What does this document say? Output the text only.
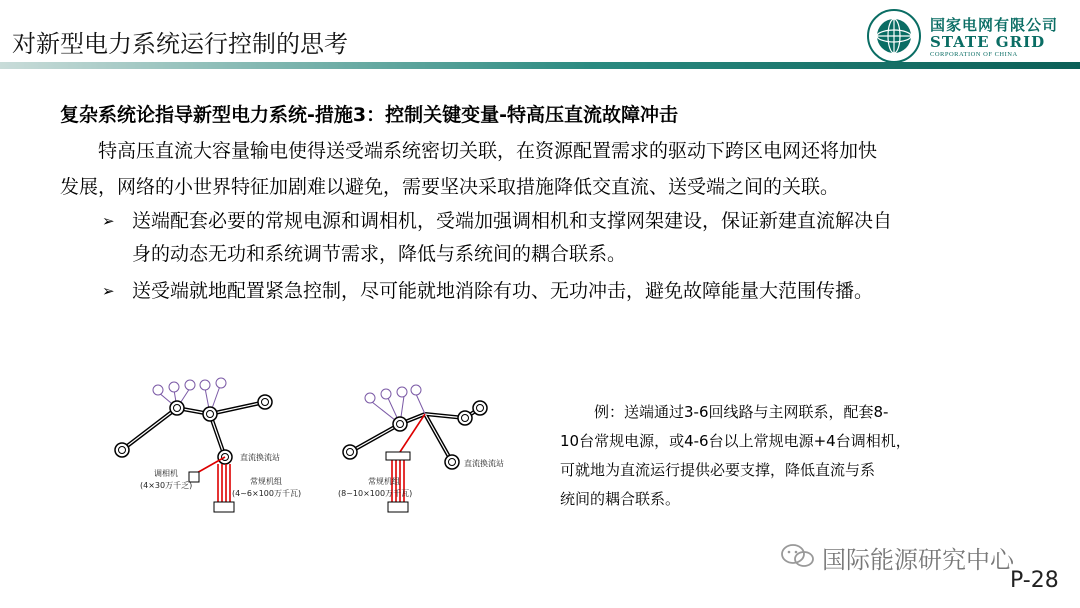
对新型电力系统运行控制的思考
国家电网有限公司
STATE GRID
CORPORATION OF CHINA
复杂系统论指导新型电力系统-措施3：控制关键变量-特高压直流故障冲击
特高压直流大容量输电使得送受端系统密切关联，在资源配置需求的驱动下跨区电网还将加快
发展，网络的小世界特征加剧难以避免，需要坚决采取措施降低交直流、送受端之间的关联。
➢ 送端配套必要的常规电源和调相机，受端加强调相机和支撑网架建设，保证新建直流解决自
身的动态无功和系统调节需求，降低与系统间的耦合联系。
➢ 送受端就地配置紧急控制，尽可能就地消除有功、无功冲击，避免故障能量大范围传播。
直流换流站
调相机
(4×30万千乏)	常规机组
(4~6×100万千瓦)
直流换流站
常规机组
(8~10×100万千瓦)
例：送端通过3-6回线路与主网联系，配套8-
10台常规电源，或4-6台以上常规电源+4台调相机，
可就地为直流运行提供必要支撑，降低直流与系
统间的耦合联系。
国际能源研究中心
P-28
